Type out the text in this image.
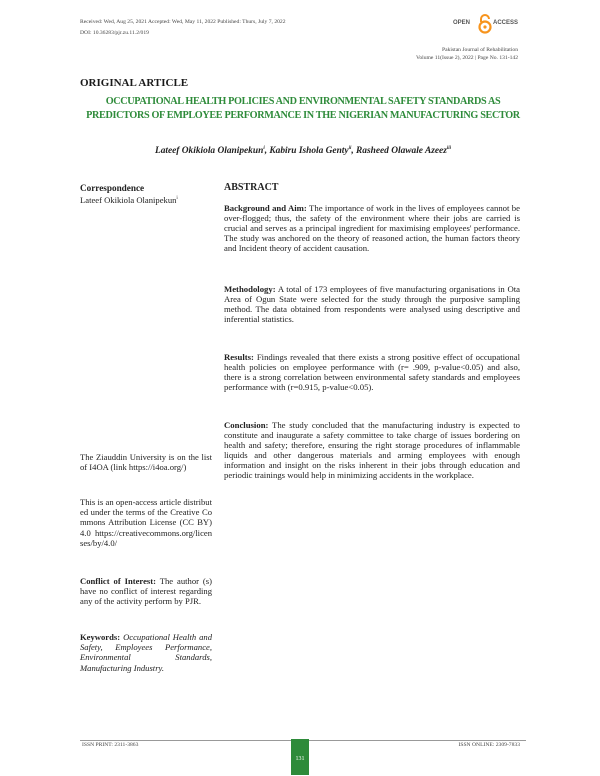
Received: Wed, Aug 25, 2021 Accepted: Wed, May 11, 2022 Published: Thurs, July 7, 2022
DOI: 10.36283/pjr.zu.11.2/019
OPEN	ACCESS
Pakistan Journal of Rehabilitation
Volume 11(Issue 2), 2022 | Page No. 131-142
ORIGINAL ARTICLE
OCCUPATIONAL HEALTH POLICIES AND ENVIRONMENTAL SAFETY STANDARDS AS PREDICTORS OF EMPLOYEE PERFORMANCE IN THE NIGERIAN MANUFACTURING SECTOR
Lateef Okikiola Olanipekun$^i$, Kabiru Ishola Genty$^{ii}$, Rasheed Olawale Azeez$^{iii}$
Correspondence
Lateef Okikiola Olanipekun$^i$
The Ziauddin University is on the list of I4OA (link https://i4oa.org/)
This is an open-access article distributed under the terms of the Creative Commons Attribution License (CC BY) 4.0 https://creativecommons.org/licenses/by/4.0/
Conflict of Interest: The author (s) have no conflict of interest regarding any of the activity perform by PJR.
Keywords: Occupational Health and Safety, Employees Performance, Environmental Standards, Manufacturing Industry.
ABSTRACT
Background and Aim: The importance of work in the lives of employees cannot be over-flogged; thus, the safety of the environment where their jobs are carried is crucial and serves as a principal ingredient for maximising employees' performance. The study was anchored on the theory of reasoned action, the human factors theory and Incident theory of accident causation.
Methodology: A total of 173 employees of five manufacturing organisations in Ota Area of Ogun State were selected for the study through the purposive sampling method. The data obtained from respondents were analysed using descriptive and inferential statistics.
Results: Findings revealed that there exists a strong positive effect of occupational health policies on employee performance with (r= .909, p-value<0.05) and also, there is a strong correlation between environmental safety standards and employees performance with (r=0.915, p-value<0.05).
Conclusion: The study concluded that the manufacturing industry is expected to constitute and inaugurate a safety committee to take charge of issues bordering on health and safety; therefore, ensuring the right storage procedures of inflammable liquids and other dangerous materials and arming employees with enough information and insight on the risks inherent in their jobs through education and periodic trainings would help in minimizing accidents in the workplace.
ISSN PRINT: 2311-3863	ISSN ONLINE: 2309-7833
131
